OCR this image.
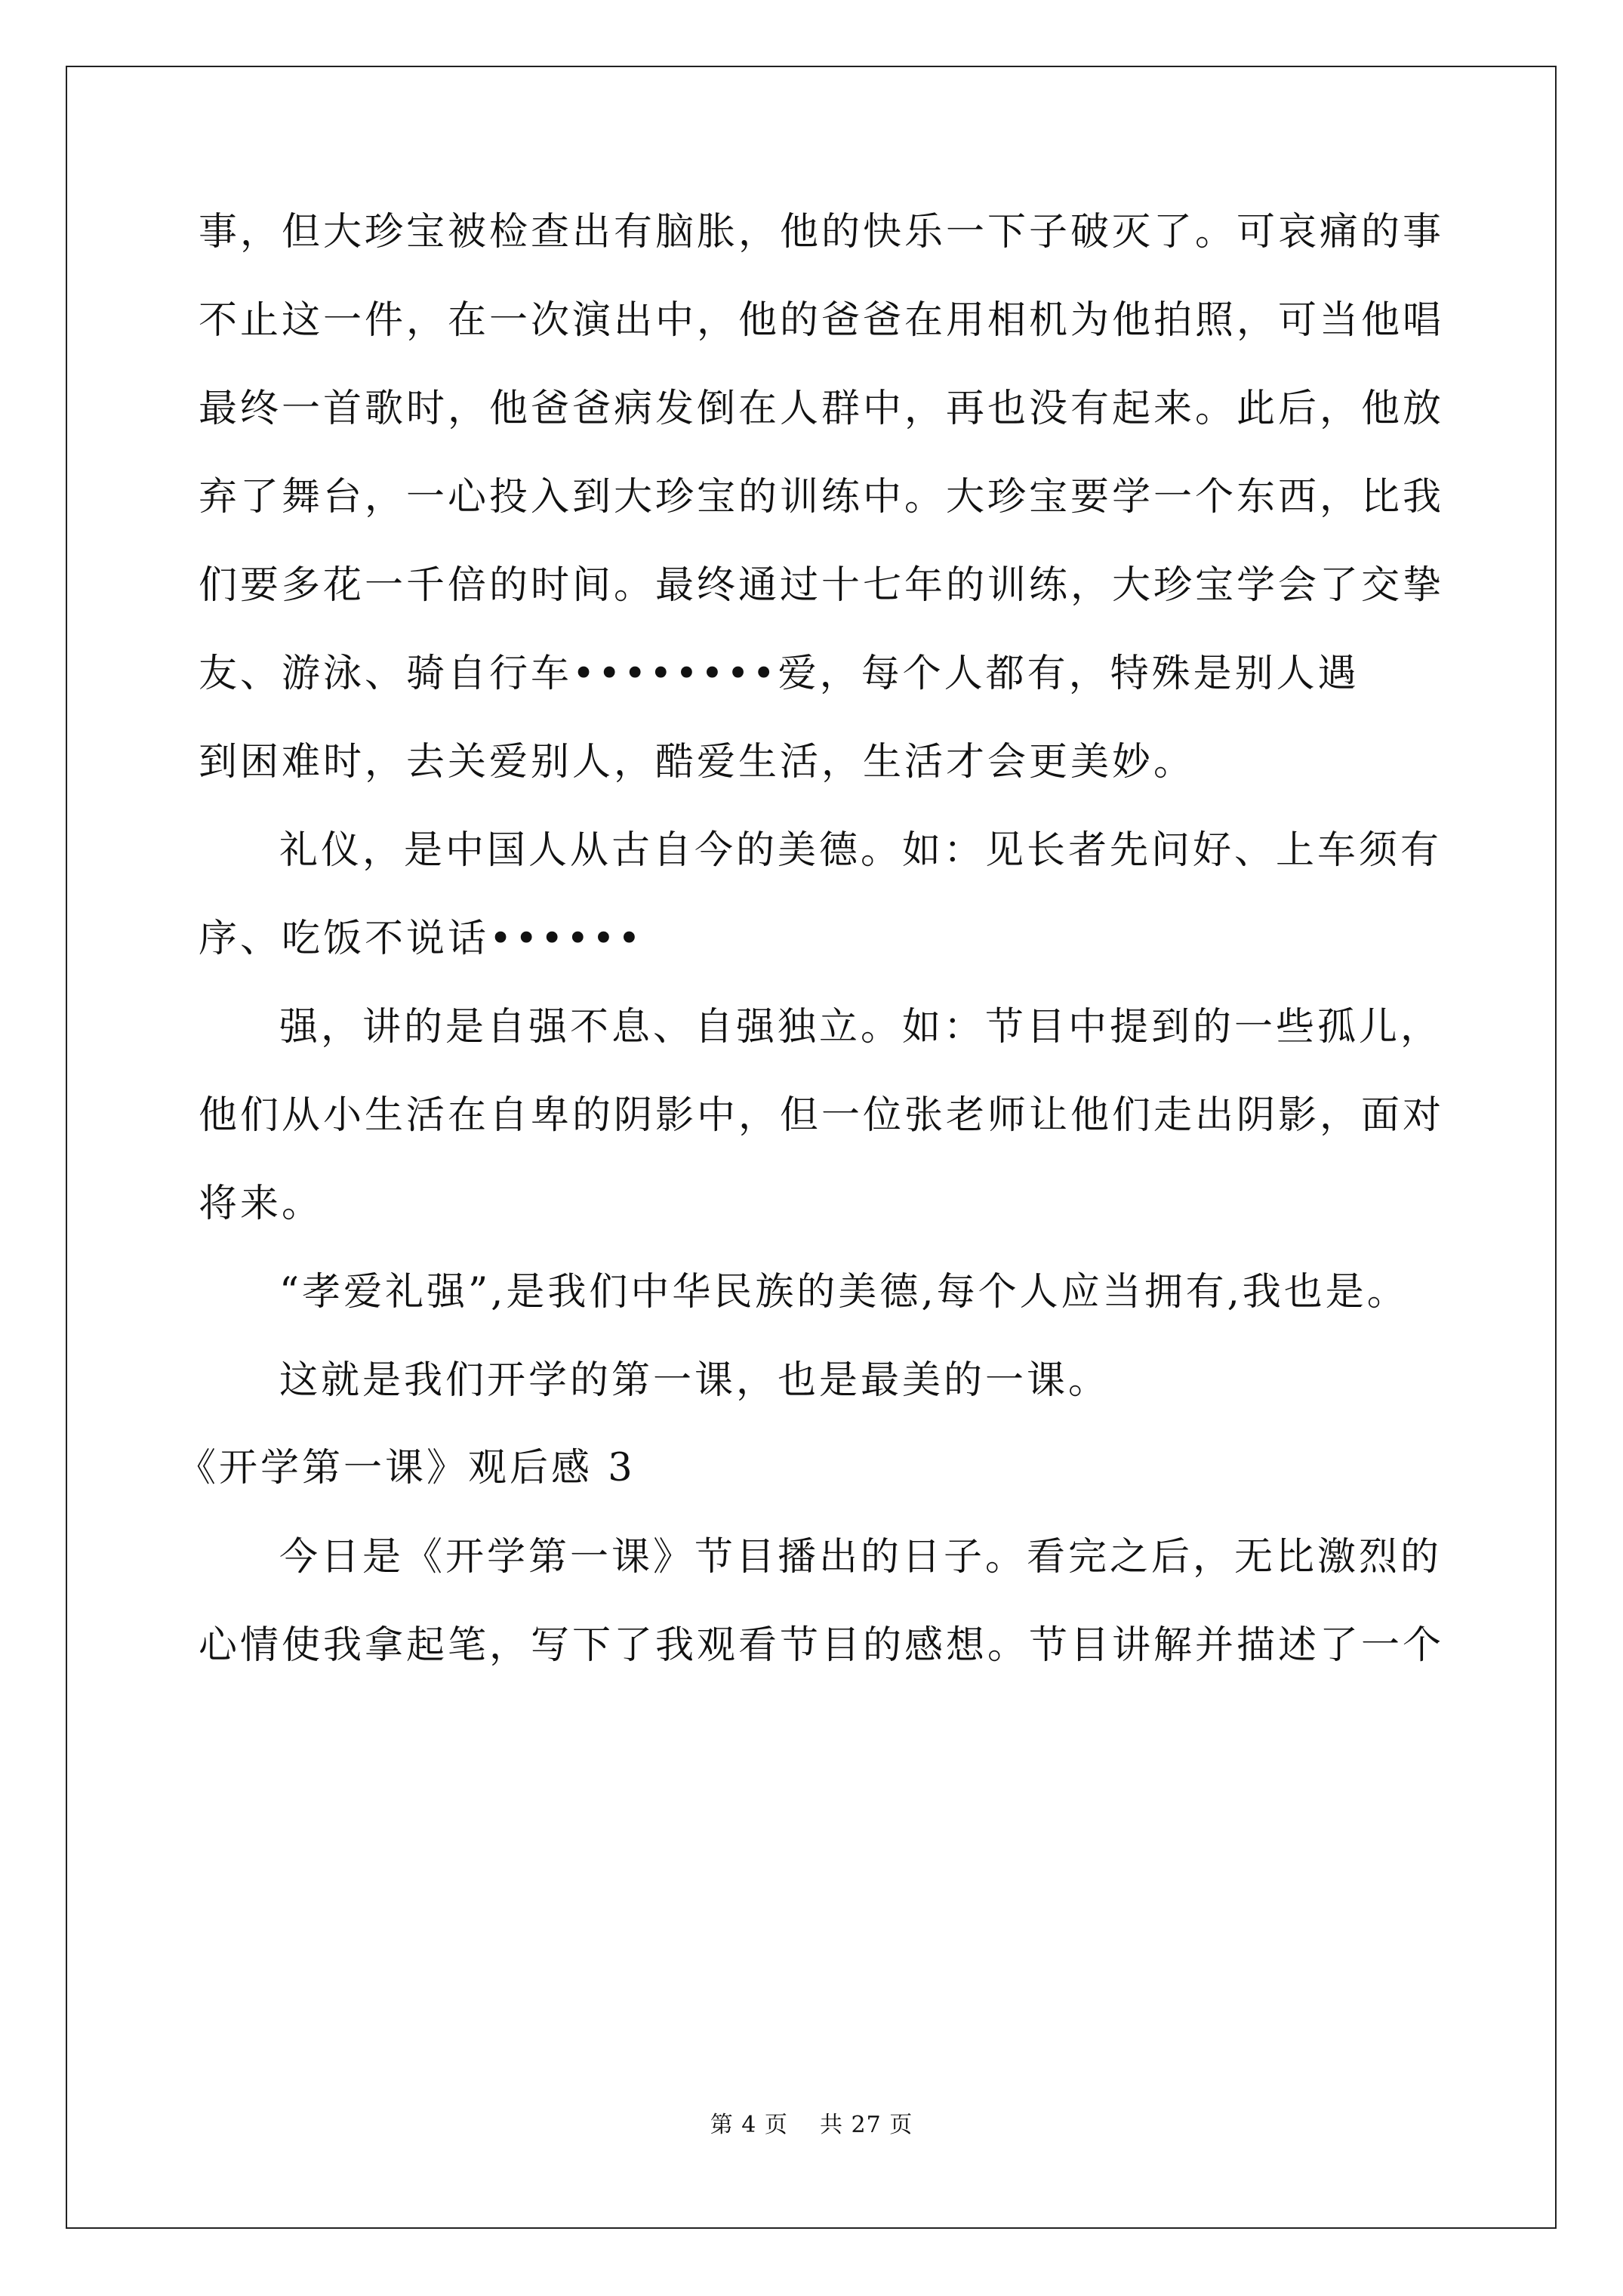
事，但大珍宝被检查出有脑胀，他的快乐一下子破灭了。可哀痛的事
不止这一件，在一次演出中，他的爸爸在用相机为他拍照，可当他唱
最终一首歌时，他爸爸病发倒在人群中，再也没有起来。此后，他放
弃了舞台，一心投入到大珍宝的训练中。大珍宝要学一个东西，比我
们要多花一千倍的时间。最终通过十七年的训练，大珍宝学会了交挚
友、游泳、骑自行车••••••••爱，每个人都有，特殊是别人遇
到困难时，去关爱别人，酷爱生活，生活才会更美妙。
礼仪，是中国人从古自今的美德。如：见长者先问好、上车须有
序、吃饭不说话••••••
强，讲的是自强不息、自强独立。如：节目中提到的一些孤儿，
他们从小生活在自卑的阴影中，但一位张老师让他们走出阴影，面对
将来。
“孝爱礼强”,是我们中华民族的美德,每个人应当拥有,我也是。
这就是我们开学的第一课，也是最美的一课。
《开学第一课》观后感 3
今日是《开学第一课》节目播出的日子。看完之后，无比激烈的
心情使我拿起笔，写下了我观看节目的感想。节目讲解并描述了一个
第 4 页    共 27 页
